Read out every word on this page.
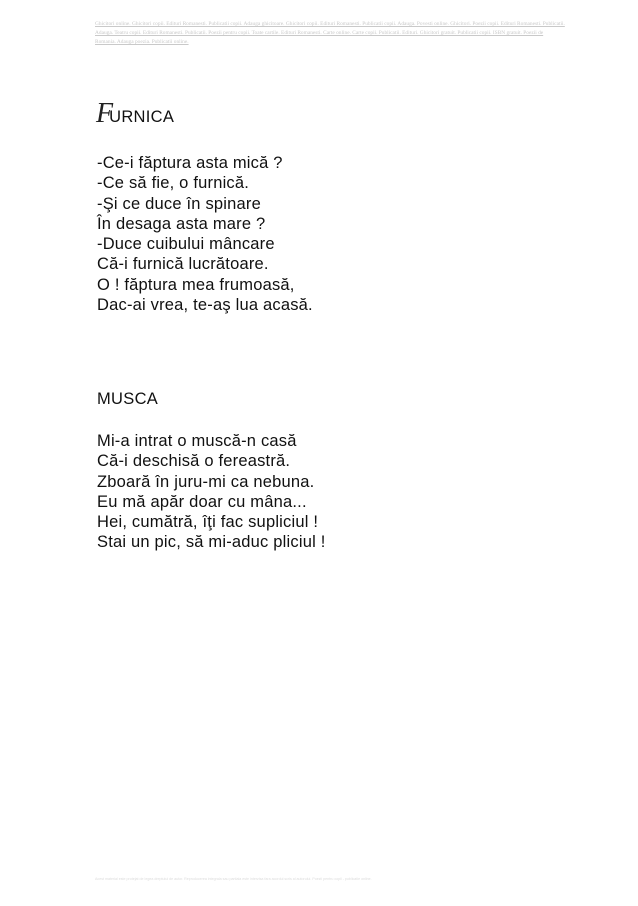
Ghicitori online. Ghicitori copii. Edituri Romanesti. Publicatii copii. Adauga ghicitoare. Ghicitori copii. Edituri Romanesti. Publicatii copii. Adauga. Povesti online. Ghicitori. Poezii copii. Edituri Romanesti. Publicatii. Adauga. Teatru copii. Edituri Romanesti. Publicatii. Poezii pentru copii. Toate cartile. Edituri Romanesti. Carte online. Carte copii. Publicatii. Edituri. Ghicitori gratuit. Publicatii copii. ISBN gratuit. Poezii de Romania. Adauga poezia. Publicatii online.
F URNICA
-Ce-i făptura asta mică ?
-Ce să fie, o furnică.
-Şi ce duce în spinare
În desaga asta mare ?
-Duce cuibului mâncare
Că-i furnică lucrătoare.
O ! făptura mea frumoasă,
Dac-ai vrea, te-aş lua acasă.
MUSCA
Mi-a intrat o muscă-n casă
Că-i deschisă o fereastră.
Zboară în juru-mi ca nebuna.
Eu mă apăr doar cu mâna...
Hei, cumătră, îţi fac supliciul !
Stai un pic, să mi-aduc pliciul !
Acest material este protejat de legea dreptului de autor. Reproducerea integrala sau partiala este interzisa fara acordul scris al autorului. Poezii pentru copii - publicatie online.
